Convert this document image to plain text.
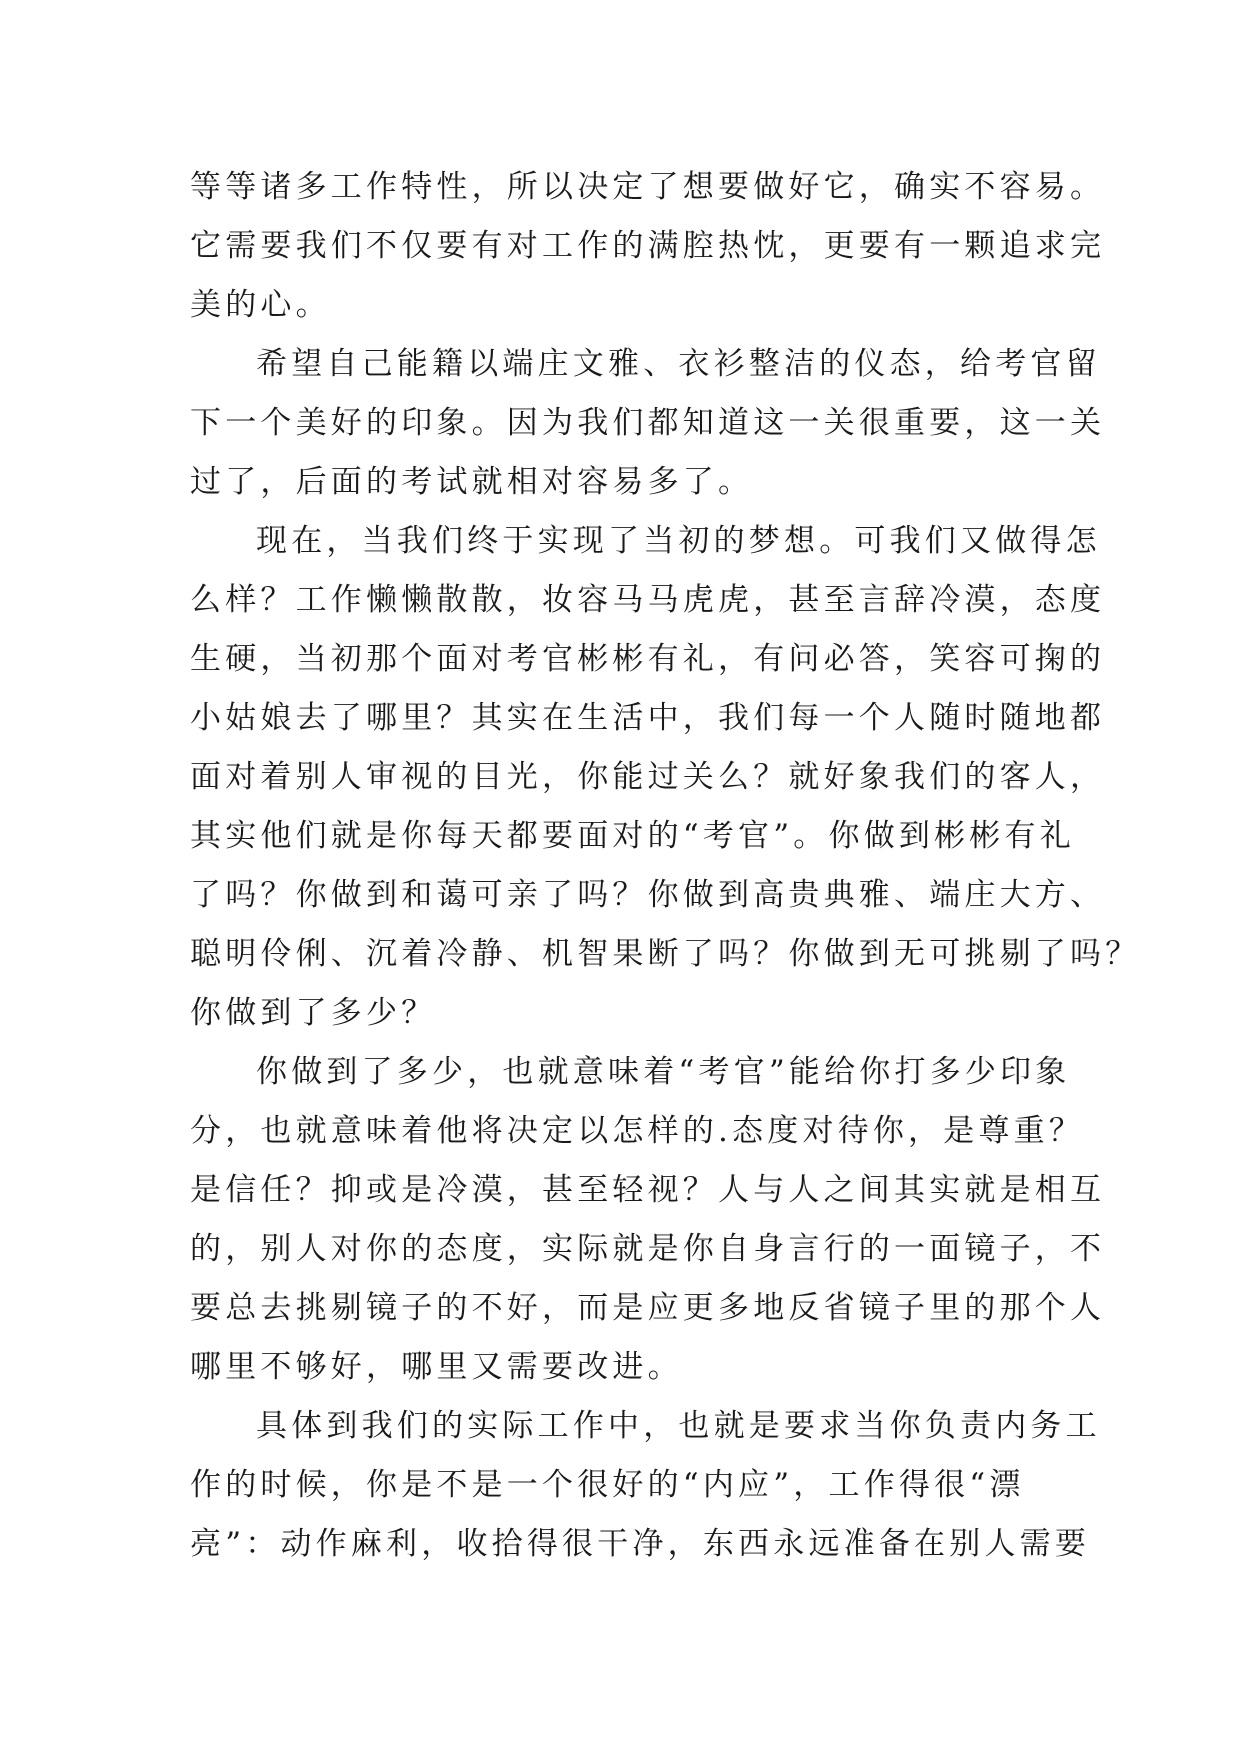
等等诸多工作特性，所以决定了想要做好它，确实不容易。
它需要我们不仅要有对工作的满腔热忱，更要有一颗追求完
美的心。
希望自己能籍以端庄文雅、衣衫整洁的仪态，给考官留
下一个美好的印象。因为我们都知道这一关很重要，这一关
过了，后面的考试就相对容易多了。
现在，当我们终于实现了当初的梦想。可我们又做得怎
么样？工作懒懒散散，妆容马马虎虎，甚至言辞冷漠，态度
生硬，当初那个面对考官彬彬有礼，有问必答，笑容可掬的
小姑娘去了哪里？其实在生活中，我们每一个人随时随地都
面对着别人审视的目光，你能过关么？就好象我们的客人，
其实他们就是你每天都要面对的“考官”。你做到彬彬有礼
了吗？你做到和蔼可亲了吗？你做到高贵典雅、端庄大方、
聪明伶俐、沉着冷静、机智果断了吗？你做到无可挑剔了吗？
你做到了多少？
你做到了多少，也就意味着“考官”能给你打多少印象
分，也就意味着他将决定以怎样的.态度对待你，是尊重？
是信任？抑或是冷漠，甚至轻视？人与人之间其实就是相互
的，别人对你的态度，实际就是你自身言行的一面镜子，不
要总去挑剔镜子的不好，而是应更多地反省镜子里的那个人
哪里不够好，哪里又需要改进。
具体到我们的实际工作中，也就是要求当你负责内务工
作的时候，你是不是一个很好的“内应”，工作得很“漂
亮”：动作麻利，收拾得很干净，东西永远准备在别人需要
